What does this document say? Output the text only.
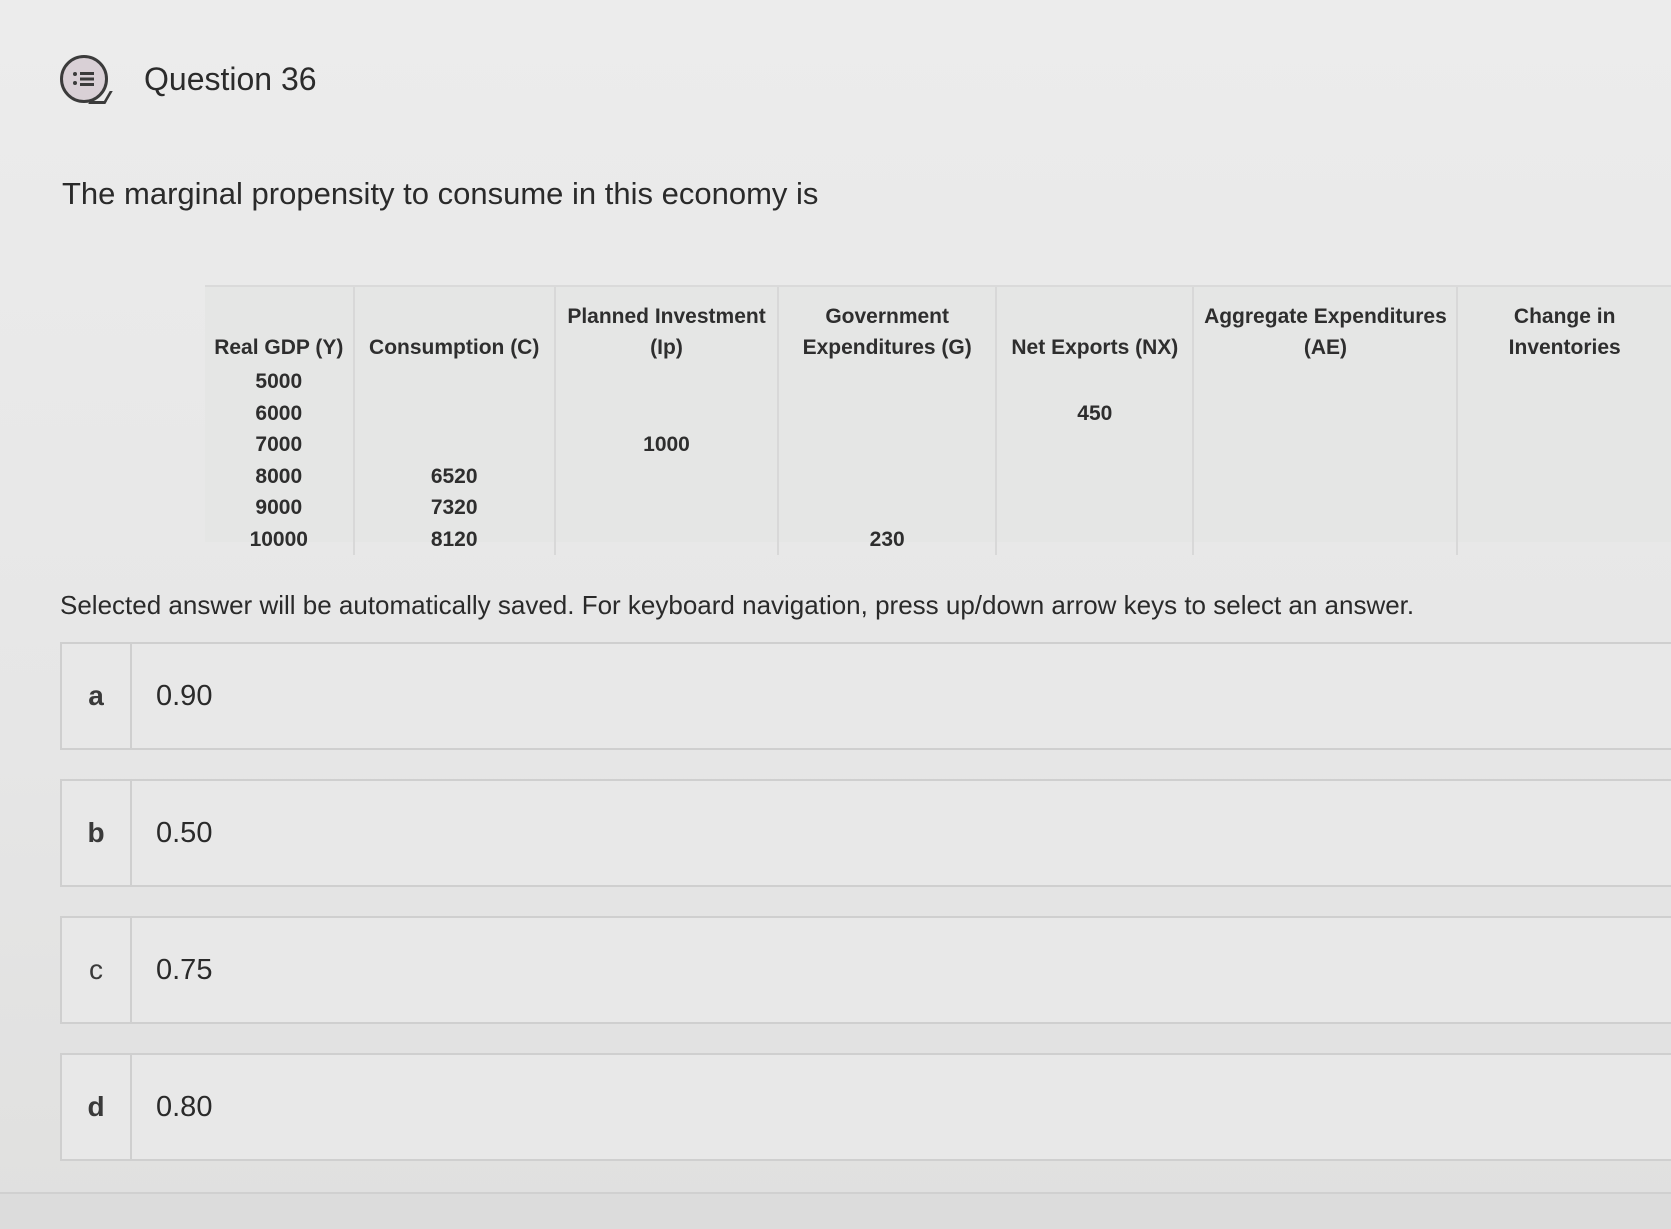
Question 36
The marginal propensity to consume in this economy is
Real GDP (Y)	Consumption (C)	Planned Investment (Ip)	Government Expenditures (G)	Net Exports (NX)	Aggregate Expenditures (AE)	Change in Inventories
5000						
6000				450		
7000		1000				
8000	6520					
9000	7320					
10000	8120		230			
Selected answer will be automatically saved. For keyboard navigation, press up/down arrow keys to select an answer.
a	0.90
b	0.50
c	0.75
d	0.80
